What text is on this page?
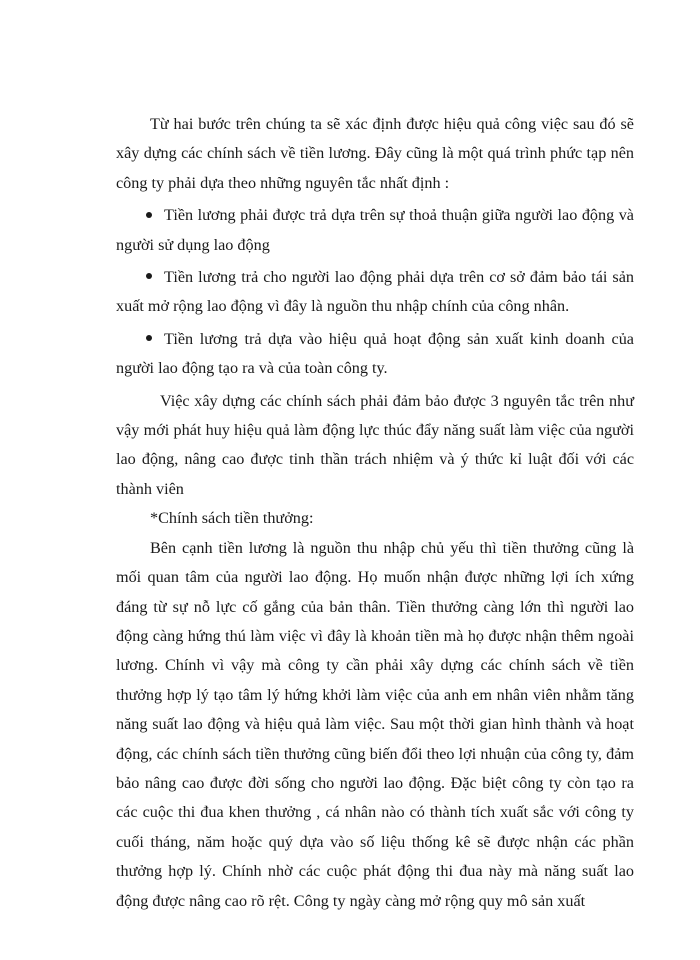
Từ hai bước trên chúng ta sẽ xác định được hiệu quả công việc sau đó sẽ xây dựng các chính sách về tiền lương. Đây cũng là một quá trình phức tạp nên công ty phải dựa theo những nguyên tắc nhất định :

Tiền lương phải được trả dựa trên sự thoả thuận giữa người lao động và người sử dụng lao động

Tiền lương trả cho người lao động phải dựa trên cơ sở đảm bảo tái sản xuất mở rộng lao động vì đây là nguồn thu nhập chính của công nhân.

Tiền lương trả dựa vào hiệu quả hoạt động sản xuất kinh doanh của người lao động tạo ra và của toàn công ty.

Việc xây dựng các chính sách phải đảm bảo được 3 nguyên tắc trên như vậy mới phát huy hiệu quả làm động lực thúc đẩy năng suất làm việc của người lao động, nâng cao được tinh thần trách nhiệm và ý thức kỉ luật đối với các thành viên

*Chính sách tiền thưởng:

Bên cạnh tiền lương là nguồn thu nhập chủ yếu thì tiền thưởng cũng là mối quan tâm của người lao động. Họ muốn nhận được những lợi ích xứng đáng từ sự nỗ lực cố gắng của bản thân. Tiền thưởng càng lớn thì người lao động càng hứng thú làm việc vì đây là khoản tiền mà họ được nhận thêm ngoài lương. Chính vì vậy mà công ty cần phải xây dựng các chính sách về tiền thưởng hợp lý tạo tâm lý hứng khởi làm việc của anh em nhân viên nhằm tăng năng suất lao động và hiệu quả làm việc. Sau một thời gian hình thành và hoạt động, các chính sách tiền thưởng cũng biến đổi theo lợi nhuận của công ty, đảm bảo nâng cao được đời sống cho người lao động. Đặc biệt công ty còn tạo ra các cuộc thi đua khen thưởng , cá nhân nào có thành tích xuất sắc với công ty cuối tháng, năm hoặc quý dựa vào số liệu thống kê sẽ được nhận các phần thưởng hợp lý. Chính nhờ các cuộc phát động thi đua này mà năng suất lao động được nâng cao rõ rệt. Công ty ngày càng mở rộng quy mô sản xuất
